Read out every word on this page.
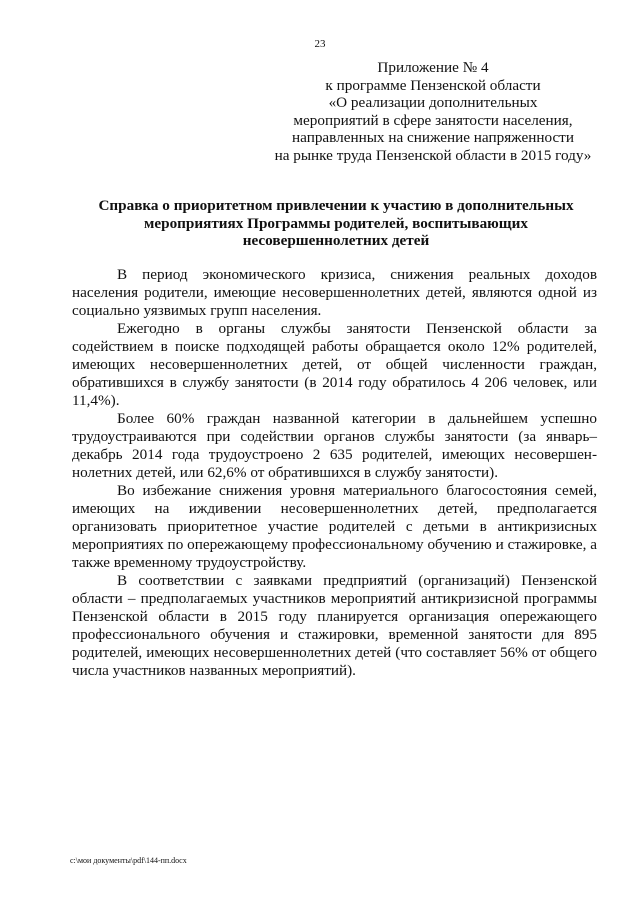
23
Приложение № 4
к программе Пензенской области
«О реализации дополнительных
мероприятий в сфере занятости населения,
направленных на снижение напряженности
на рынке труда Пензенской области в 2015 году»
Справка о приоритетном привлечении к участию в дополнительных
мероприятиях Программы родителей, воспитывающих
несовершеннолетних детей

В период экономического кризиса, снижения реальных доходов населения родители, имеющие несовершеннолетних детей, являются одной из социально уязвимых групп населения.

Ежегодно в органы службы занятости Пензенской области за содействием в поиске подходящей работы обращается около 12% родителей, имеющих несовершеннолетних детей, от общей численности граждан, обратившихся в службу занятости (в 2014 году обратилось 4 206 человек, или 11,4%).

Более 60% граждан названной категории в дальнейшем успешно трудоустраиваются при содействии органов службы занятости (за январь–декабрь 2014 года трудоустроено 2 635 родителей, имеющих несовершеннолетних детей, или 62,6% от обратившихся в службу занятости).

Во избежание снижения уровня материального благосостояния семей, имеющих на иждивении несовершеннолетних детей, предполагается организовать приоритетное участие родителей с детьми в антикризисных мероприятиях по опережающему профессиональному обучению и стажировке, а также временному трудоустройству.

В соответствии с заявками предприятий (организаций) Пензенской области – предполагаемых участников мероприятий антикризисной программы Пензенской области в 2015 году планируется организация опережающего профессионального обучения и стажировки, временной занятости для 895 родителей, имеющих несовершеннолетних детей (что составляет 56% от общего числа участников названных мероприятий).

c:\мои документы\pdf\144-пп.docx
